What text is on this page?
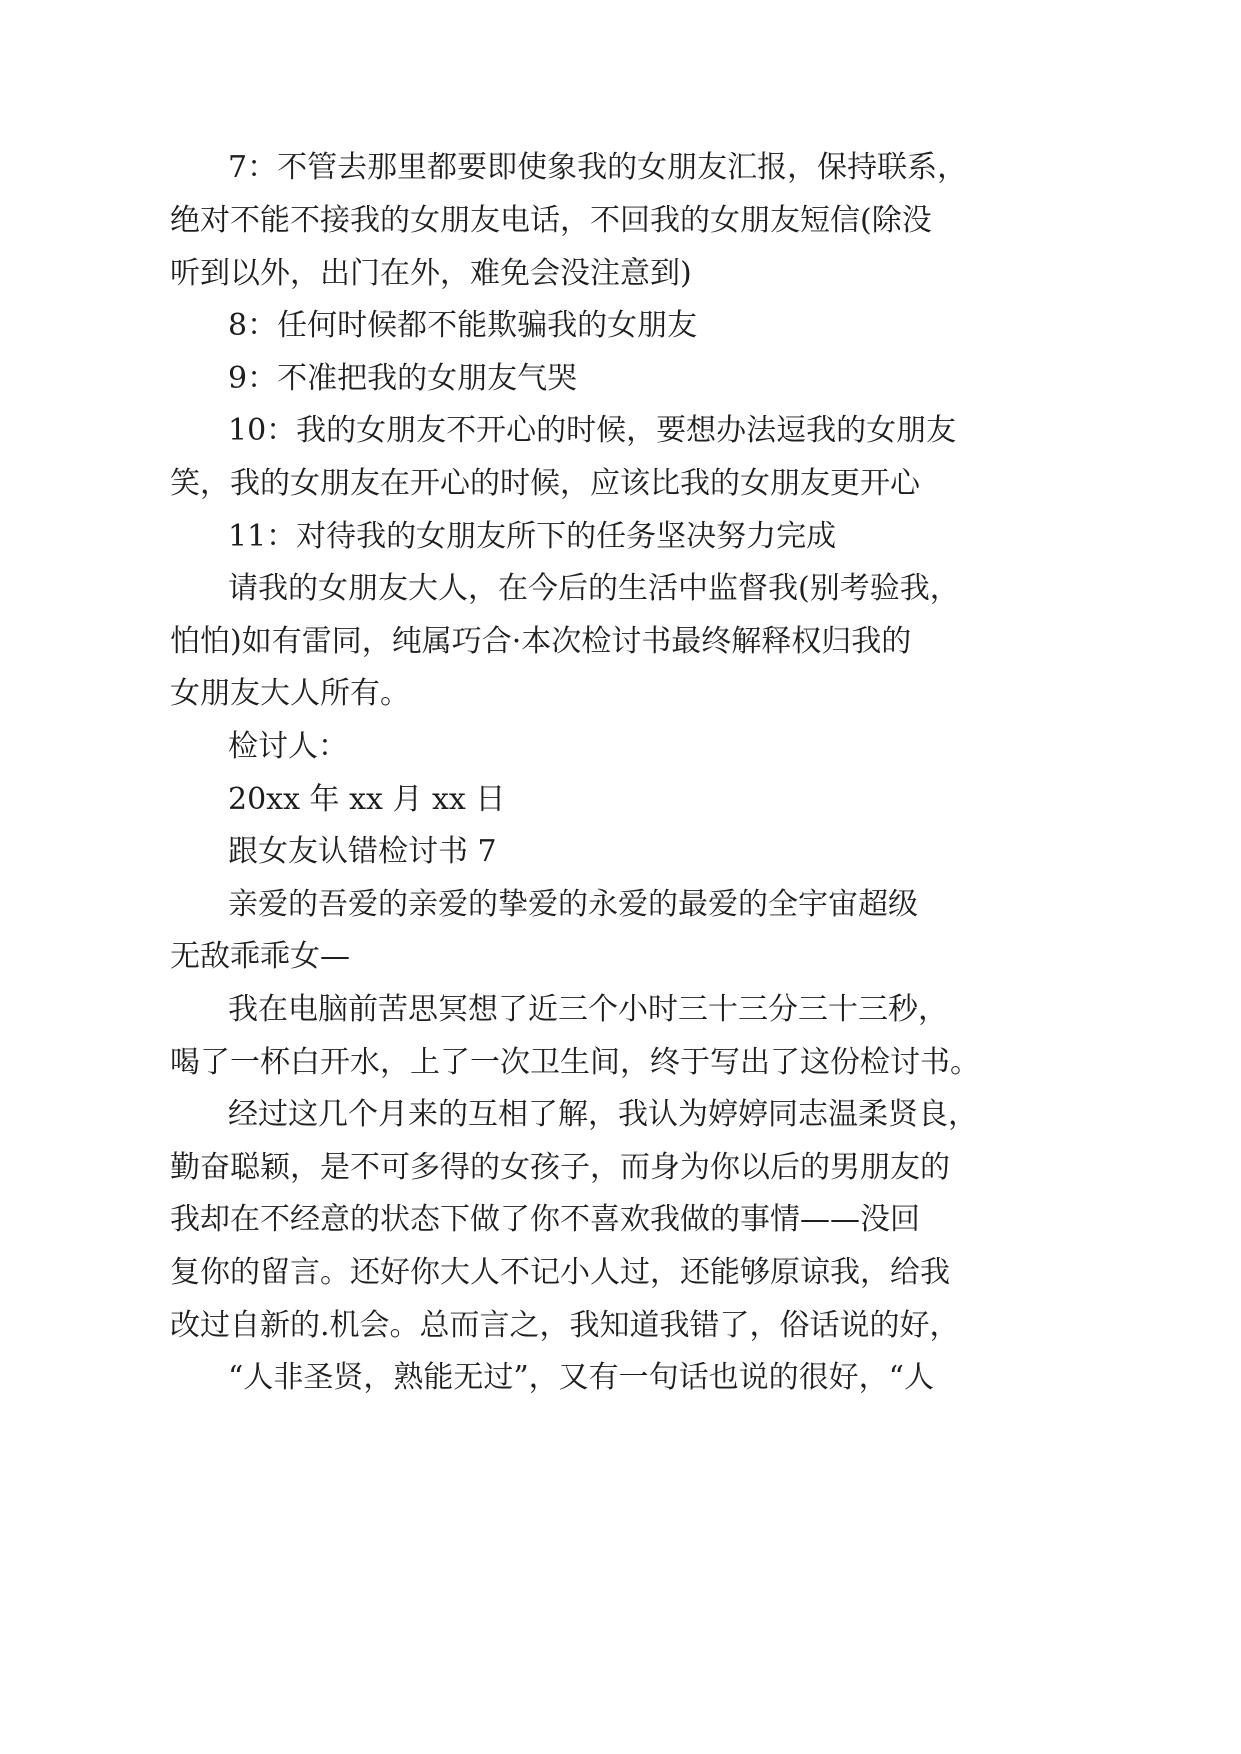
7：不管去那里都要即使象我的女朋友汇报，保持联系，
绝对不能不接我的女朋友电话，不回我的女朋友短信(除没
听到以外，出门在外，难免会没注意到)
8：任何时候都不能欺骗我的女朋友
9：不准把我的女朋友气哭
10：我的女朋友不开心的时候，要想办法逗我的女朋友
笑，我的女朋友在开心的时候，应该比我的女朋友更开心
11：对待我的女朋友所下的任务坚决努力完成
请我的女朋友大人，在今后的生活中监督我(别考验我，
怕怕)如有雷同，纯属巧合·本次检讨书最终解释权归我的
女朋友大人所有。
检讨人：
20xx 年 xx 月 xx 日
跟女友认错检讨书 7
亲爱的吾爱的亲爱的挚爱的永爱的最爱的全宇宙超级
无敌乖乖女—
我在电脑前苦思冥想了近三个小时三十三分三十三秒，
喝了一杯白开水，上了一次卫生间，终于写出了这份检讨书。
经过这几个月来的互相了解，我认为婷婷同志温柔贤良，
勤奋聪颖，是不可多得的女孩子，而身为你以后的男朋友的
我却在不经意的状态下做了你不喜欢我做的事情——没回
复你的留言。还好你大人不记小人过，还能够原谅我，给我
改过自新的.机会。总而言之，我知道我错了，俗话说的好，
“人非圣贤，熟能无过”，又有一句话也说的很好，“人
